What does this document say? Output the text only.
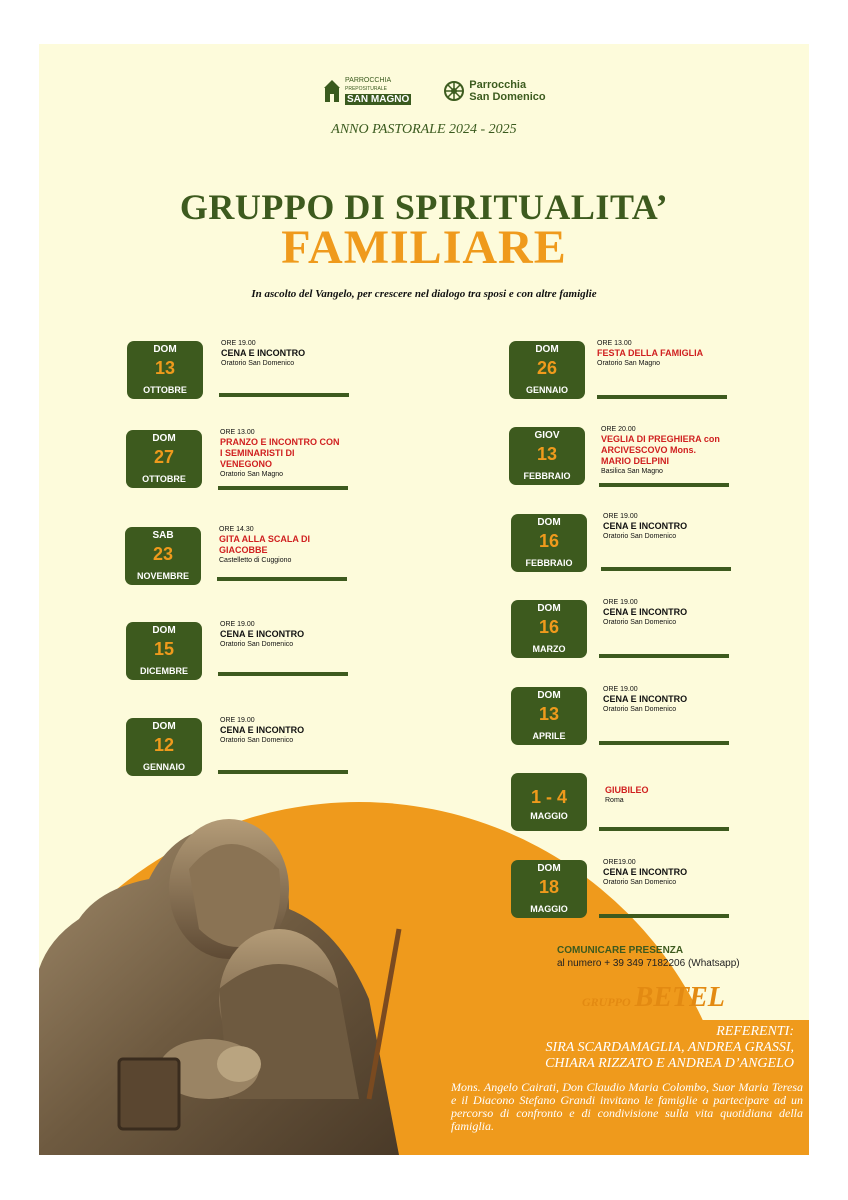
PARROCCHIA
PREPOSITURALE
SAN MAGNO
Parrocchia
San Domenico
ANNO PASTORALE 2024 - 2025
GRUPPO DI SPIRITUALITA’
FAMILIARE
In ascolto del Vangelo, per crescere nel dialogo tra sposi e con altre famiglie
DOM
13
OTTOBRE
ORE 19.00
CENA E INCONTRO
Oratorio San Domenico
DOM
27
OTTOBRE
ORE 13.00
PRANZO E INCONTRO CON I SEMINARISTI DI VENEGONO
Oratorio San Magno
SAB
23
NOVEMBRE
ORE 14.30
GITA ALLA SCALA DI GIACOBBE
Castelletto di Cuggiono
DOM
15
DICEMBRE
ORE 19.00
CENA E INCONTRO
Oratorio San Domenico
DOM
12
GENNAIO
ORE 19.00
CENA E INCONTRO
Oratorio San Domenico
DOM
26
GENNAIO
ORE 13.00
FESTA DELLA FAMIGLIA
Oratorio San Magno
GIOV
13
FEBBRAIO
ORE 20.00
VEGLIA DI PREGHIERA con ARCIVESCOVO Mons. MARIO DELPINI
Basilica San Magno
DOM
16
FEBBRAIO
ORE 19.00
CENA E INCONTRO
Oratorio San Domenico
DOM
16
MARZO
ORE 19.00
CENA E INCONTRO
Oratorio San Domenico
DOM
13
APRILE
ORE 19.00
CENA E INCONTRO
Oratorio San Domenico
1 - 4
MAGGIO
GIUBILEO
Roma
DOM
18
MAGGIO
ORE19.00
CENA E INCONTRO
Oratorio San Domenico
COMUNICARE PRESENZA
al numero + 39 349 7182206 (Whatsapp)
GRUPPO BETEL
REFERENTI:
SIRA SCARDAMAGLIA, ANDREA GRASSI,
CHIARA RIZZATO E ANDREA D’ANGELO
Mons. Angelo Cairati, Don Claudio Maria Colombo, Suor Maria Teresa e il Diacono Stefano Grandi invitano le famiglie a partecipare ad un percorso di confronto e di condivisione sulla vita quotidiana della famiglia.
